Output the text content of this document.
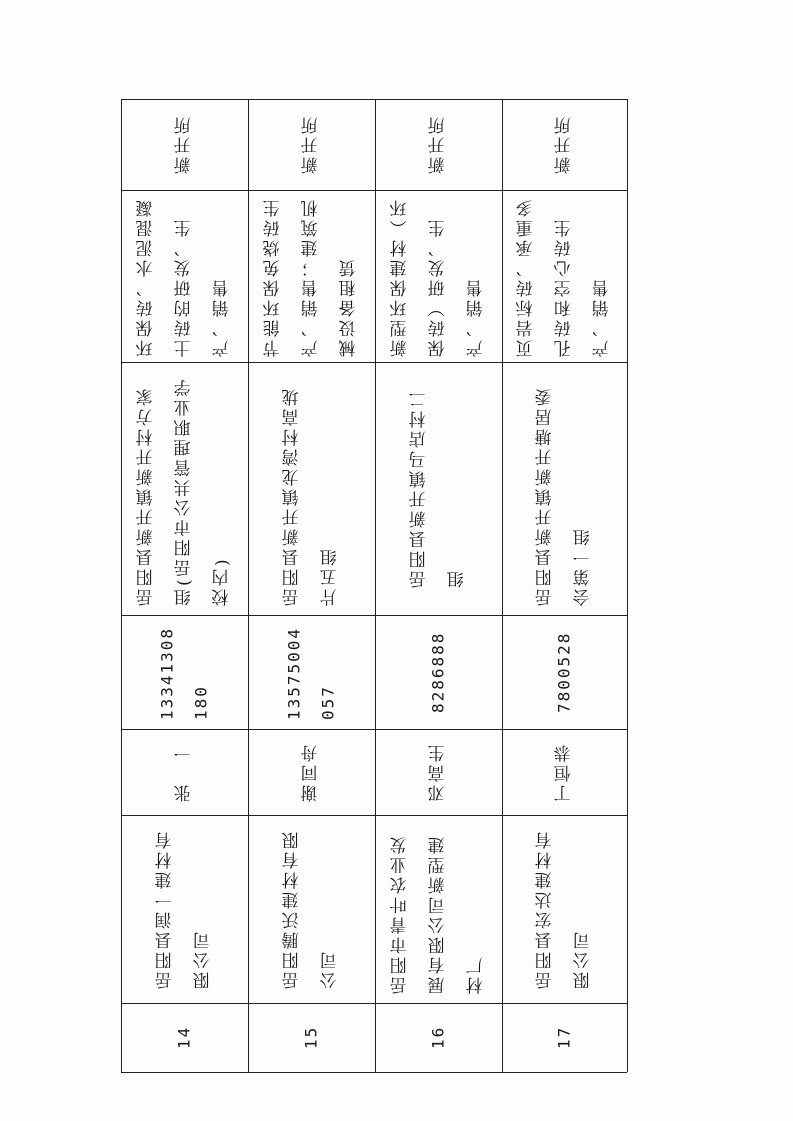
14
岳阳县润一建材有限公司
张　一
13341308180
岳阳县新开镇新开村方家组(岳阳市公共管理职业学校内)
环保砖、水泥混凝土砖的研发、生产、销售
新开所
15
岳阳腾沃建材有限公司
谢同舟
13575004057
岳阳县新开镇龙湾村高垅片五组
节能环保免烧砖生产、销售；建筑机械设备租赁
新开所
16
岳阳市青叶农业发展有限公司新型建材厂
邓高生
8286888
岳阳县新开镇马店村二组
新型环保建材（环保砖）研发、生产、销售
新开所
17
岳阳县宏达建材有限公司
丁恒恭
7800528
岳阳县新开镇新开塘居委会第一组
页岩标砖、承重多孔砖和空心砖生产、销售
新开所
